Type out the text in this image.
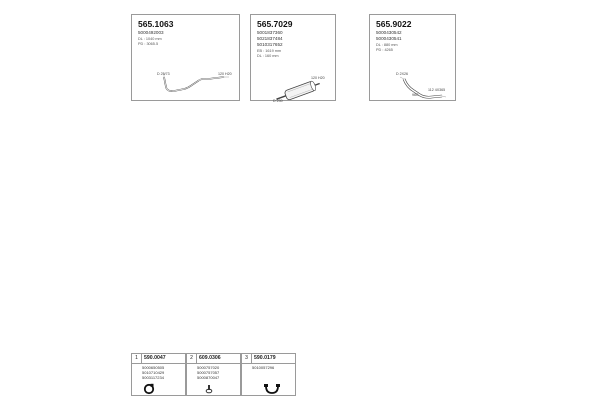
565.1063
5000492003
DL : 1040 mm
PD : 3065.5
D 25/73	120 H20
565.7029
5001837360
5021837484
5010317652
EB : 1619 mm
DL : 160 mm
120 H20
D 230
565.9022
5000430542
5000430541
DL : 880 mm
PD : 4265
D 2X26
112 4X365
96C
1	590.0047
5000650505
5010710429
5003117234
2	609.0306
5000757020
5000757057
5000870047
3	590.0179
5010057296
